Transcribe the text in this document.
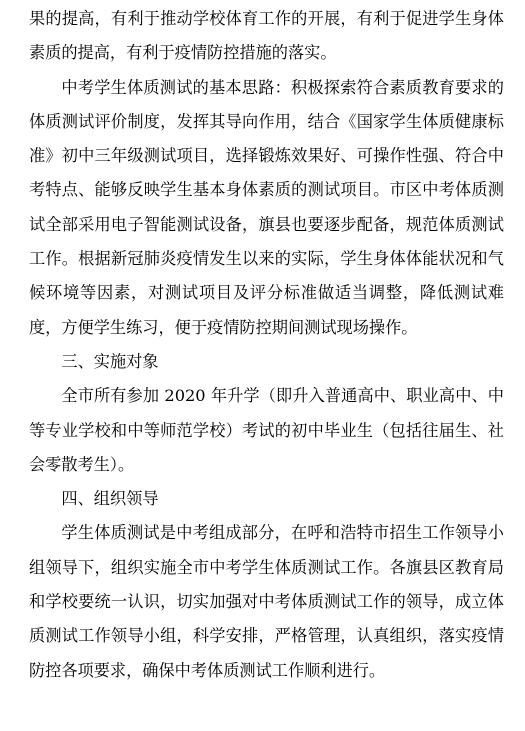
果的提高，有利于推动学校体育工作的开展，有利于促进学生身体素质的提高，有利于疫情防控措施的落实。

中考学生体质测试的基本思路：积极探索符合素质教育要求的体质测试评价制度，发挥其导向作用，结合《国家学生体质健康标准》初中三年级测试项目，选择锻炼效果好、可操作性强、符合中考特点、能够反映学生基本身体素质的测试项目。市区中考体质测试全部采用电子智能测试设备，旗县也要逐步配备，规范体质测试工作。根据新冠肺炎疫情发生以来的实际，学生身体体能状况和气候环境等因素，对测试项目及评分标准做适当调整，降低测试难度，方便学生练习，便于疫情防控期间测试现场操作。

三、实施对象

全市所有参加 2020 年升学（即升入普通高中、职业高中、中等专业学校和中等师范学校）考试的初中毕业生（包括往届生、社会零散考生）。

四、组织领导

学生体质测试是中考组成部分，在呼和浩特市招生工作领导小组领导下，组织实施全市中考学生体质测试工作。各旗县区教育局和学校要统一认识，切实加强对中考体质测试工作的领导，成立体质测试工作领导小组，科学安排，严格管理，认真组织，落实疫情防控各项要求，确保中考体质测试工作顺利进行。
